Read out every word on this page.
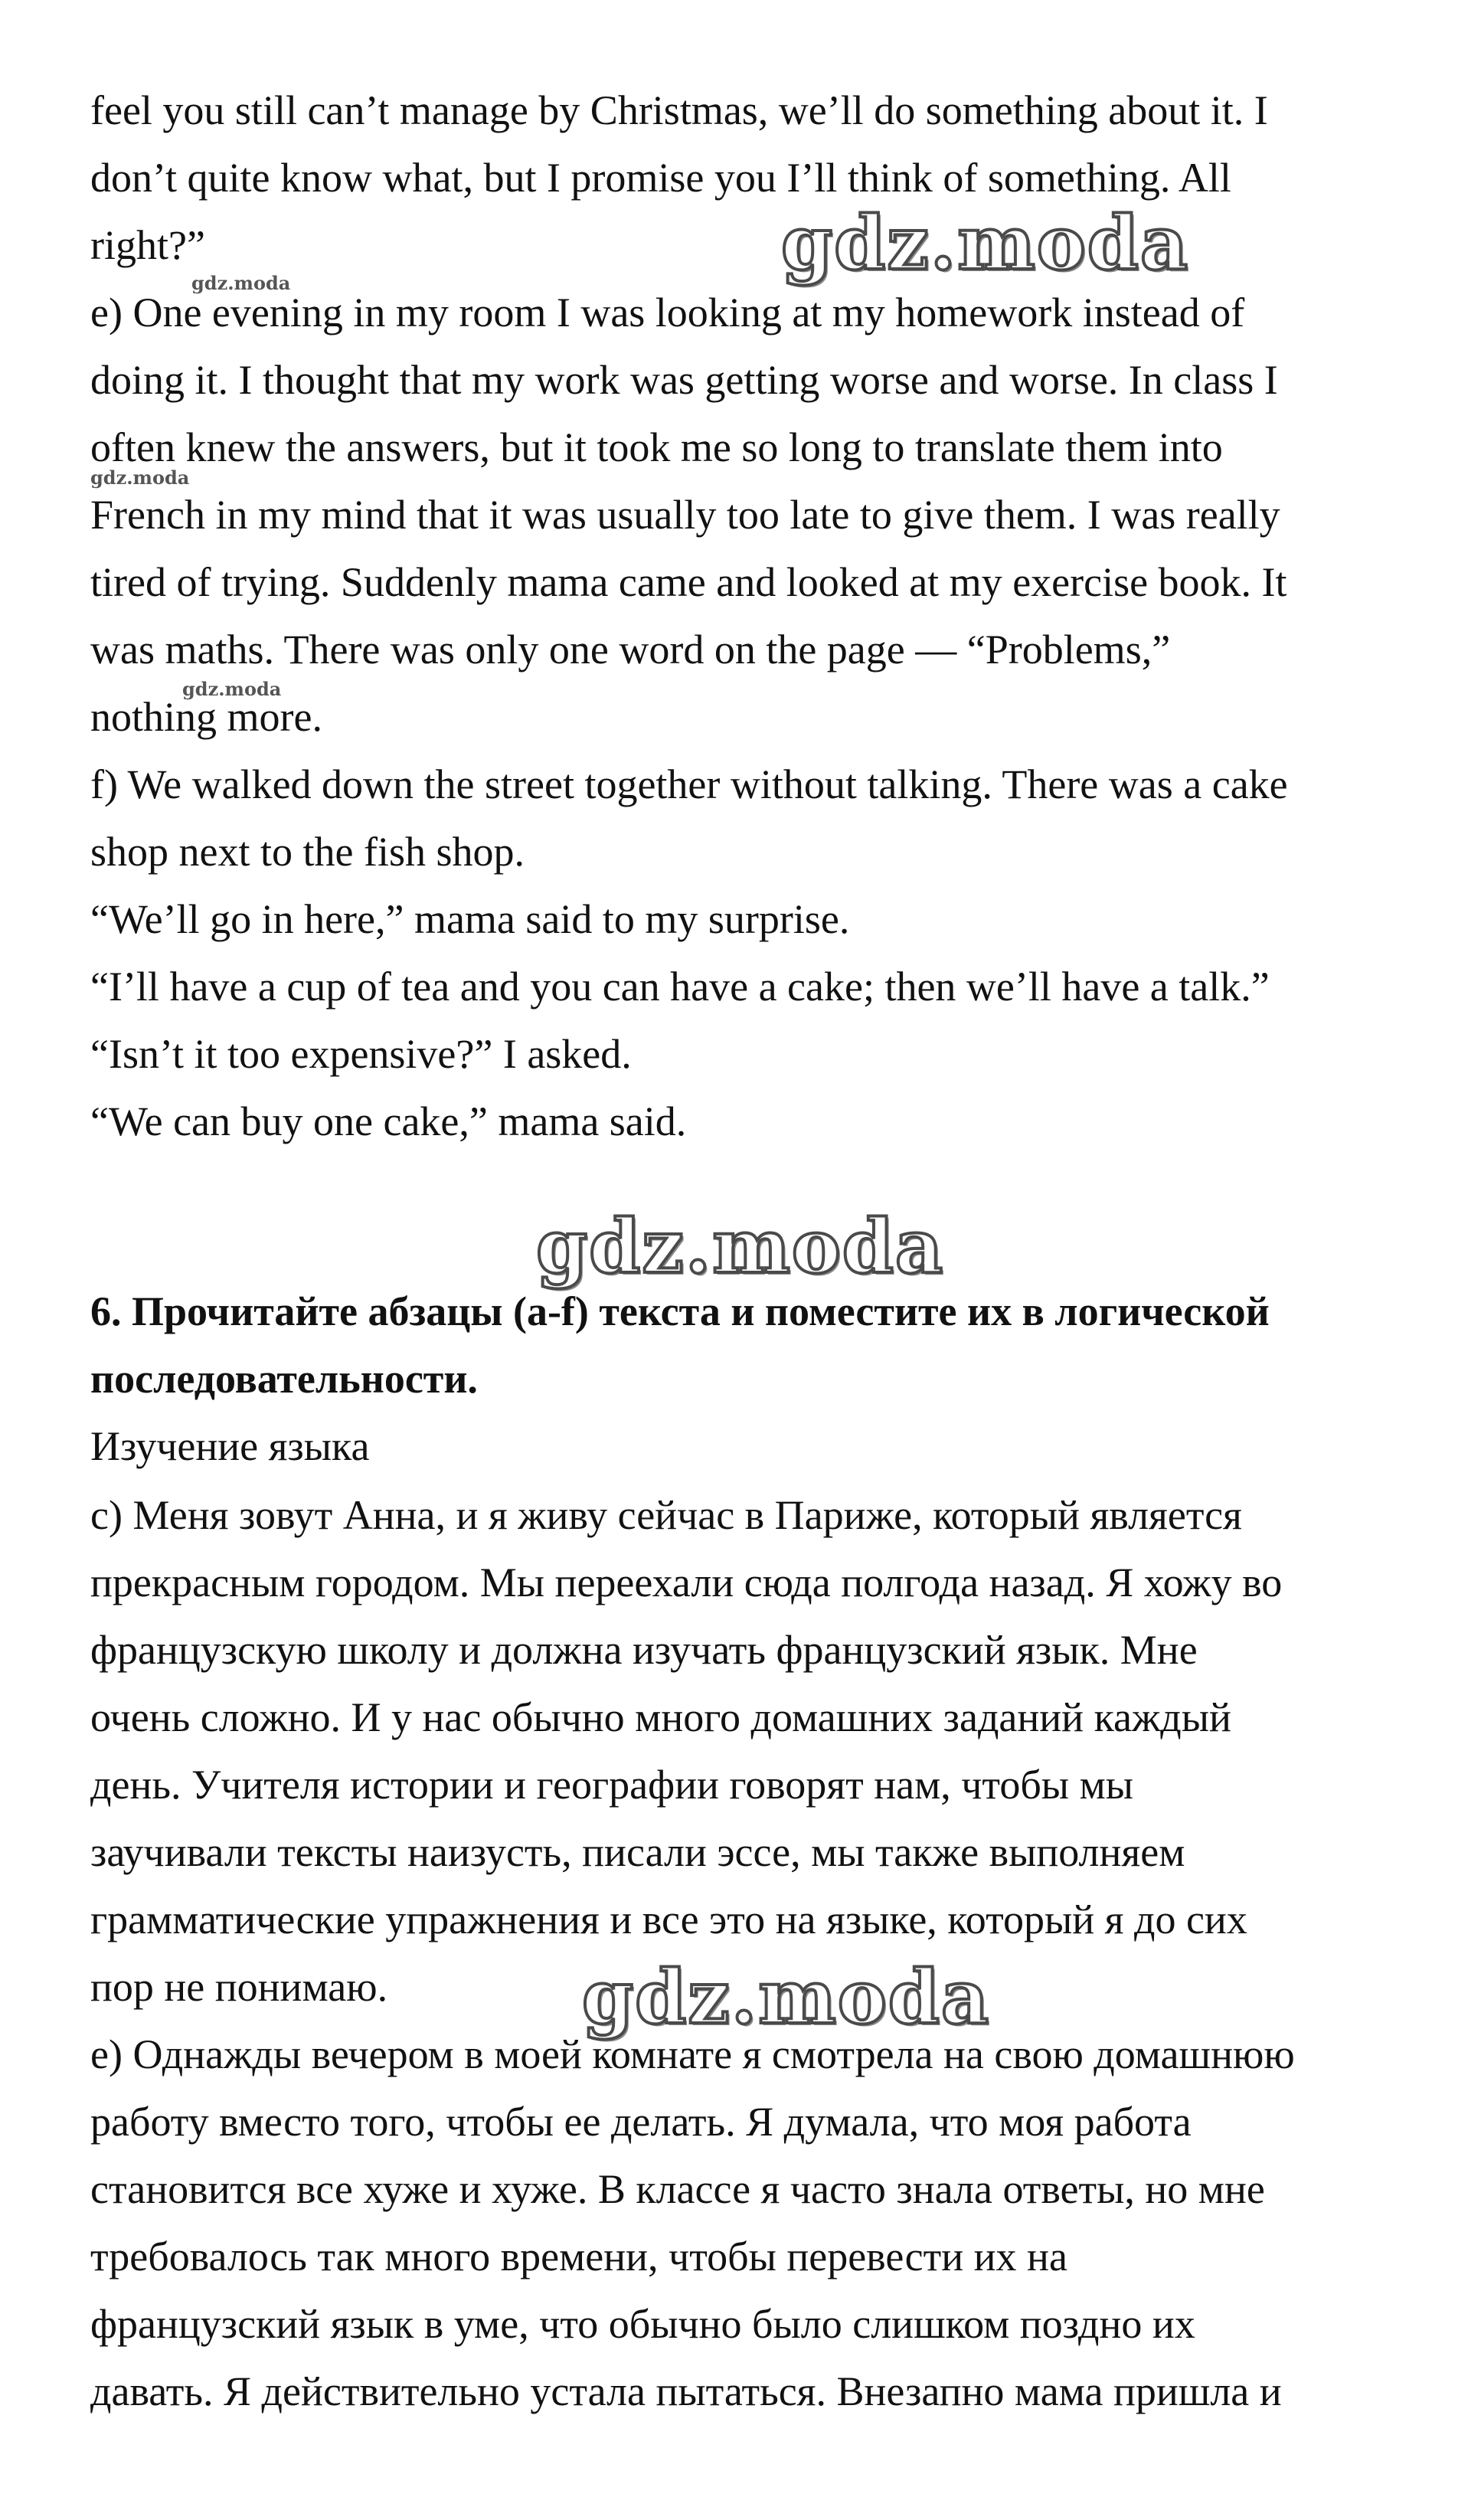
feel you still can’t manage by Christmas, we’ll do something about it. I
don’t quite know what, but I promise you I’ll think of something. All
right?”
e) One evening in my room I was looking at my homework instead of
doing it. I thought that my work was getting worse and worse. In class I
often knew the answers, but it took me so long to translate them into
French in my mind that it was usually too late to give them. I was really
tired of trying. Suddenly mama came and looked at my exercise book. It
was maths. There was only one word on the page — “Problems,”
nothing more.
f) We walked down the street together without talking. There was a cake
shop next to the fish shop.
“We’ll go in here,” mama said to my surprise.
“I’ll have a cup of tea and you can have a cake; then we’ll have a talk.”
“Isn’t it too expensive?” I asked.
“We can buy one cake,” mama said.
6. Прочитайте абзацы (a-f) текста и поместите их в логической
последовательности.
Изучение языка
c) Меня зовут Анна, и я живу сейчас в Париже, который является
прекрасным городом. Мы переехали сюда полгода назад. Я хожу во
французскую школу и должна изучать французский язык. Мне
очень сложно. И у нас обычно много домашних заданий каждый
день. Учителя истории и географии говорят нам, чтобы мы
заучивали тексты наизусть, писали эссе, мы также выполняем
грамматические упражнения и все это на языке, который я до сих
пор не понимаю.
e) Однажды вечером в моей комнате я смотрела на свою домашнюю
работу вместо того, чтобы ее делать. Я думала, что моя работа
становится все хуже и хуже. В классе я часто знала ответы, но мне
требовалось так много времени, чтобы перевести их на
французский язык в уме, что обычно было слишком поздно их
давать. Я действительно устала пытаться. Внезапно мама пришла и
gdz.moda
gdz.moda
gdz.moda
gdz.moda
gdz.moda
gdz.moda
